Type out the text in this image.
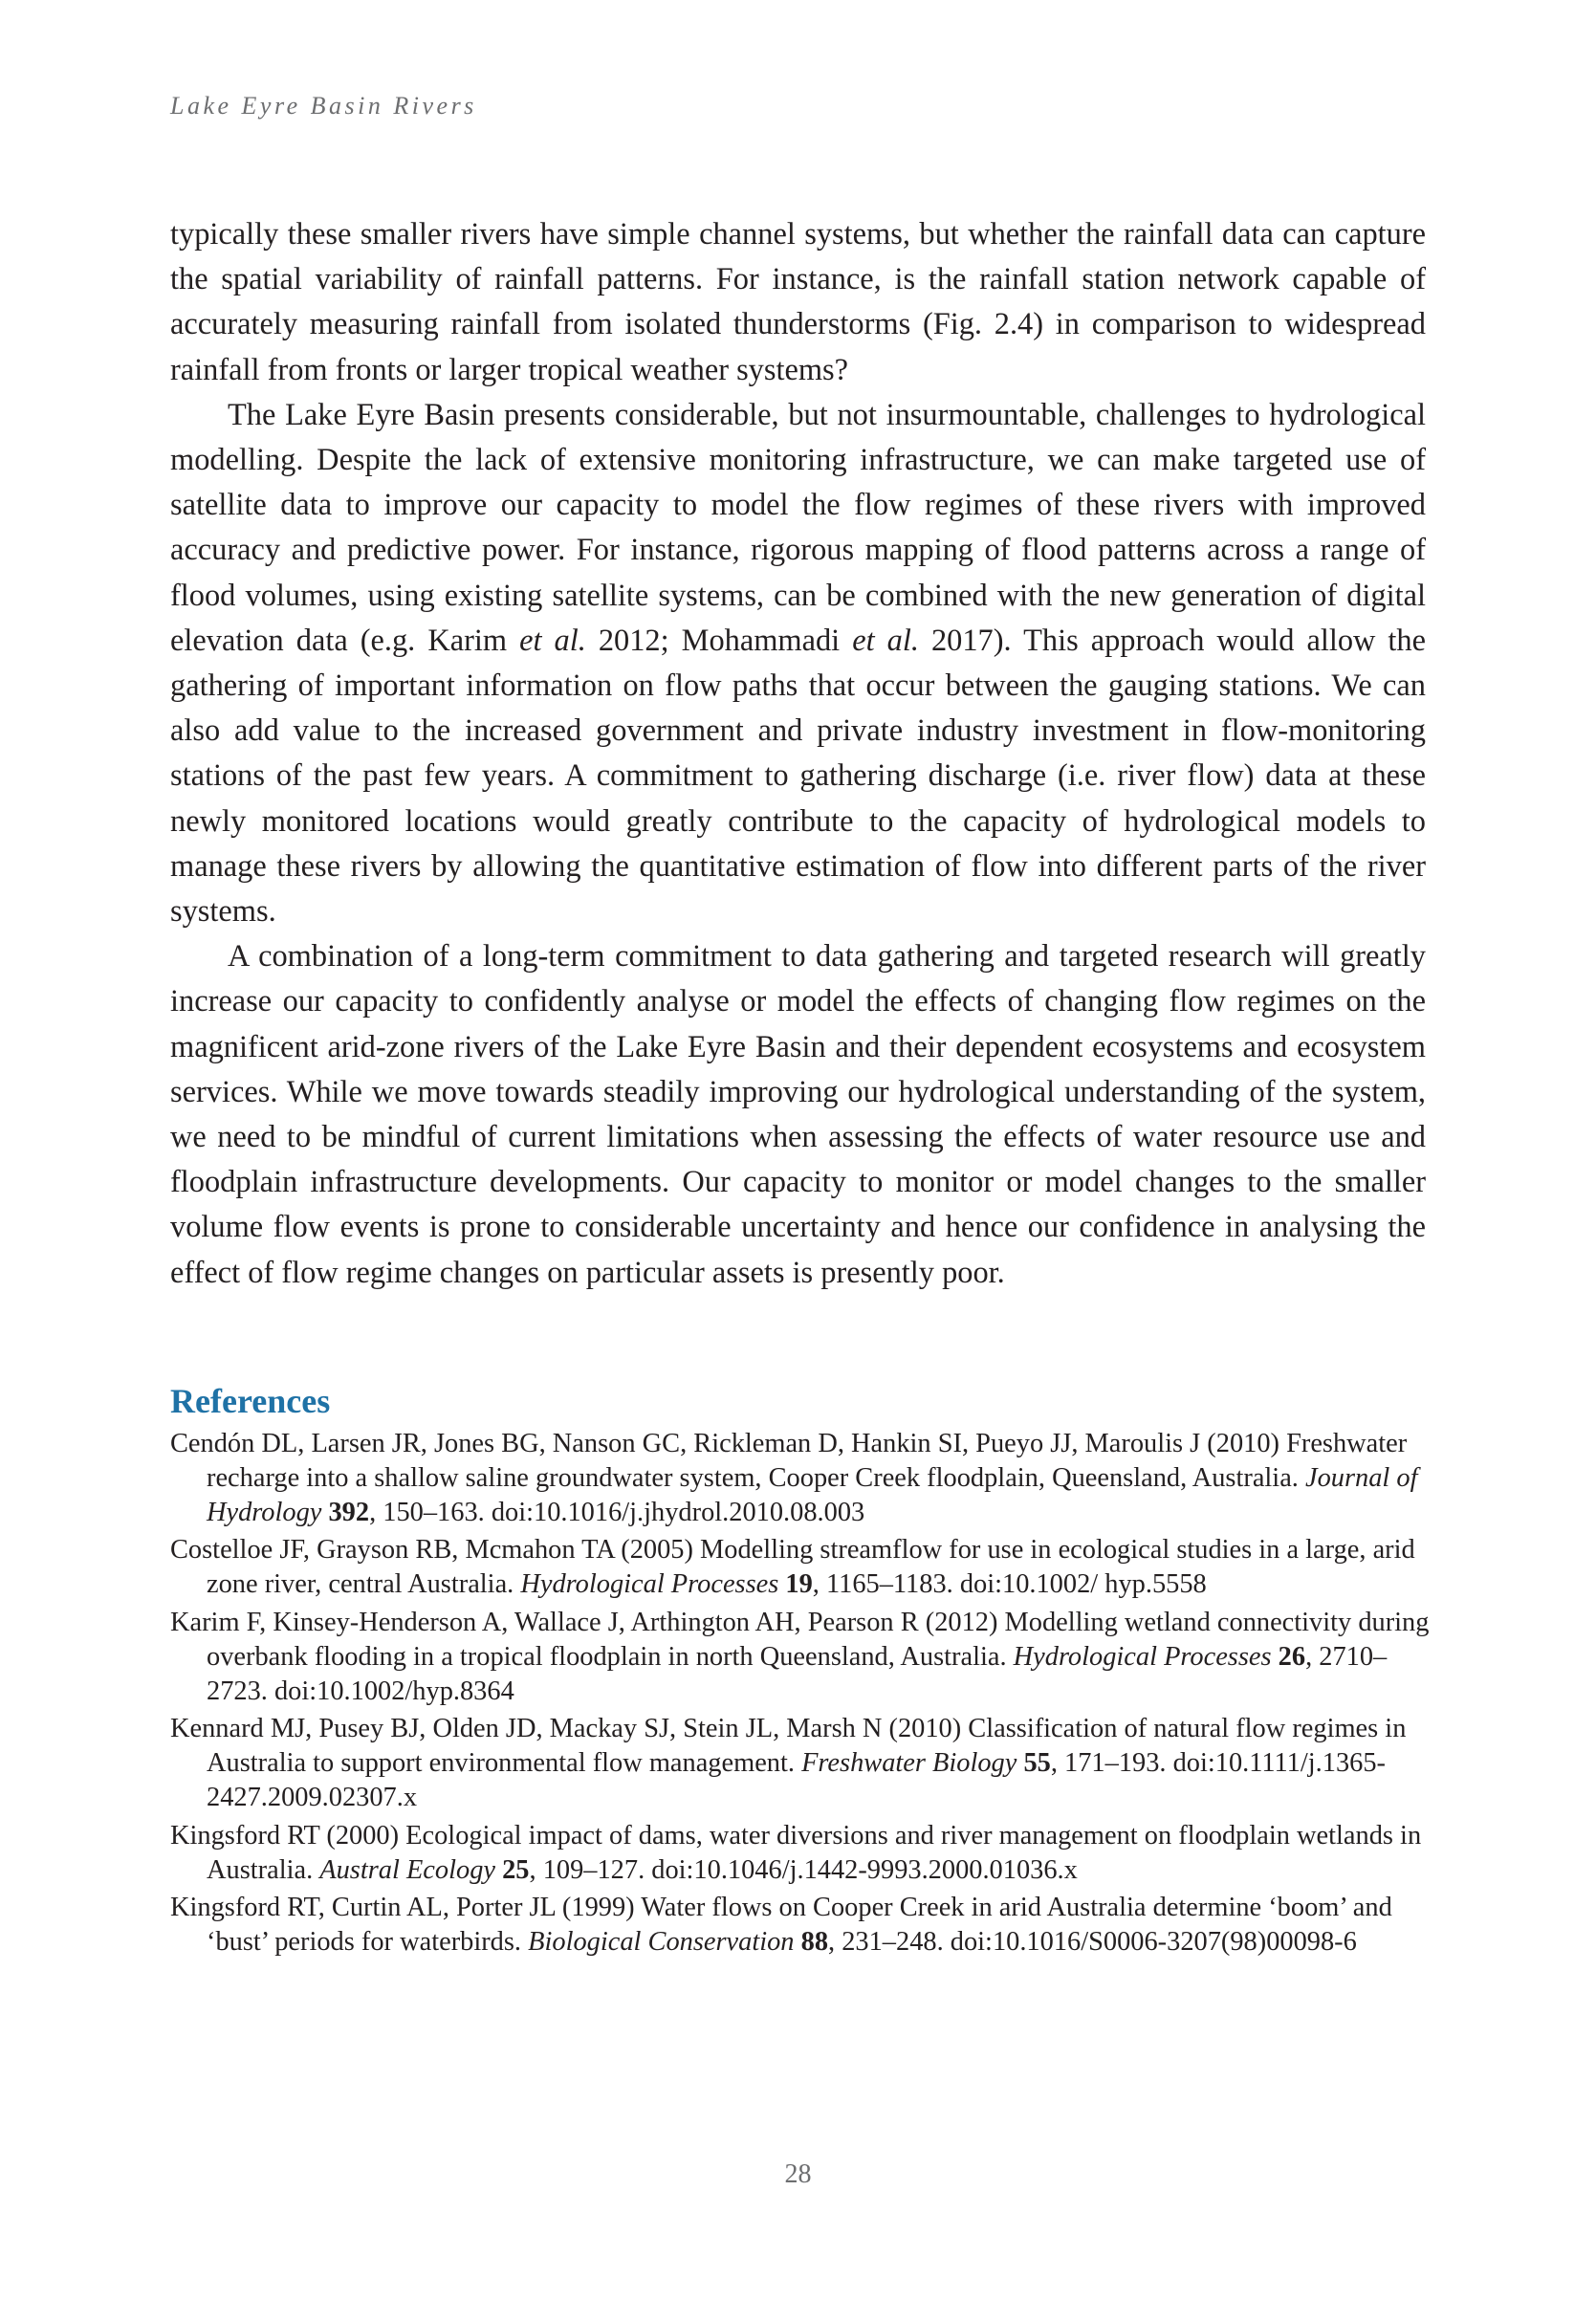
Lake Eyre Basin Rivers

typically these smaller rivers have simple channel systems, but whether the rainfall data can capture the spatial variability of rainfall patterns. For instance, is the rainfall station network capable of accurately measuring rainfall from isolated thunderstorms (Fig. 2.4) in comparison to widespread rainfall from fronts or larger tropical weather systems?

The Lake Eyre Basin presents considerable, but not insurmountable, challenges to hydrological modelling. Despite the lack of extensive monitoring infrastructure, we can make targeted use of satellite data to improve our capacity to model the flow regimes of these rivers with improved accuracy and predictive power. For instance, rigorous mapping of flood patterns across a range of flood volumes, using existing satellite systems, can be combined with the new generation of digital elevation data (e.g. Karim et al. 2012; Mohammadi et al. 2017). This approach would allow the gathering of important information on flow paths that occur between the gauging stations. We can also add value to the increased government and private industry investment in flow-monitoring stations of the past few years. A commitment to gathering discharge (i.e. river flow) data at these newly monitored locations would greatly contribute to the capacity of hydrological models to manage these rivers by allowing the quantitative estimation of flow into different parts of the river systems.

A combination of a long-term commitment to data gathering and targeted research will greatly increase our capacity to confidently analyse or model the effects of changing flow regimes on the magnificent arid-zone rivers of the Lake Eyre Basin and their dependent ecosystems and ecosystem services. While we move towards steadily improving our hydrological understanding of the system, we need to be mindful of current limitations when assessing the effects of water resource use and floodplain infrastructure developments. Our capacity to monitor or model changes to the smaller volume flow events is prone to considerable uncertainty and hence our confidence in analysing the effect of flow regime changes on particular assets is presently poor.

References
Cendón DL, Larsen JR, Jones BG, Nanson GC, Rickleman D, Hankin SI, Pueyo JJ, Maroulis J (2010) Freshwater recharge into a shallow saline groundwater system, Cooper Creek floodplain, Queensland, Australia. Journal of Hydrology 392, 150–163. doi:10.1016/j.jhydrol.2010.08.003
Costelloe JF, Grayson RB, Mcmahon TA (2005) Modelling streamflow for use in ecological studies in a large, arid zone river, central Australia. Hydrological Processes 19, 1165–1183. doi:10.1002/ hyp.5558
Karim F, Kinsey-Henderson A, Wallace J, Arthington AH, Pearson R (2012) Modelling wetland connectivity during overbank flooding in a tropical floodplain in north Queensland, Australia. Hydrological Processes 26, 2710–2723. doi:10.1002/hyp.8364
Kennard MJ, Pusey BJ, Olden JD, Mackay SJ, Stein JL, Marsh N (2010) Classification of natural flow regimes in Australia to support environmental flow management. Freshwater Biology 55, 171–193. doi:10.1111/j.1365-2427.2009.02307.x
Kingsford RT (2000) Ecological impact of dams, water diversions and river management on floodplain wetlands in Australia. Austral Ecology 25, 109–127. doi:10.1046/j.1442-9993.2000.01036.x
Kingsford RT, Curtin AL, Porter JL (1999) Water flows on Cooper Creek in arid Australia determine ‘boom’ and ‘bust’ periods for waterbirds. Biological Conservation 88, 231–248. doi:10.1016/S0006-3207(98)00098-6
28
